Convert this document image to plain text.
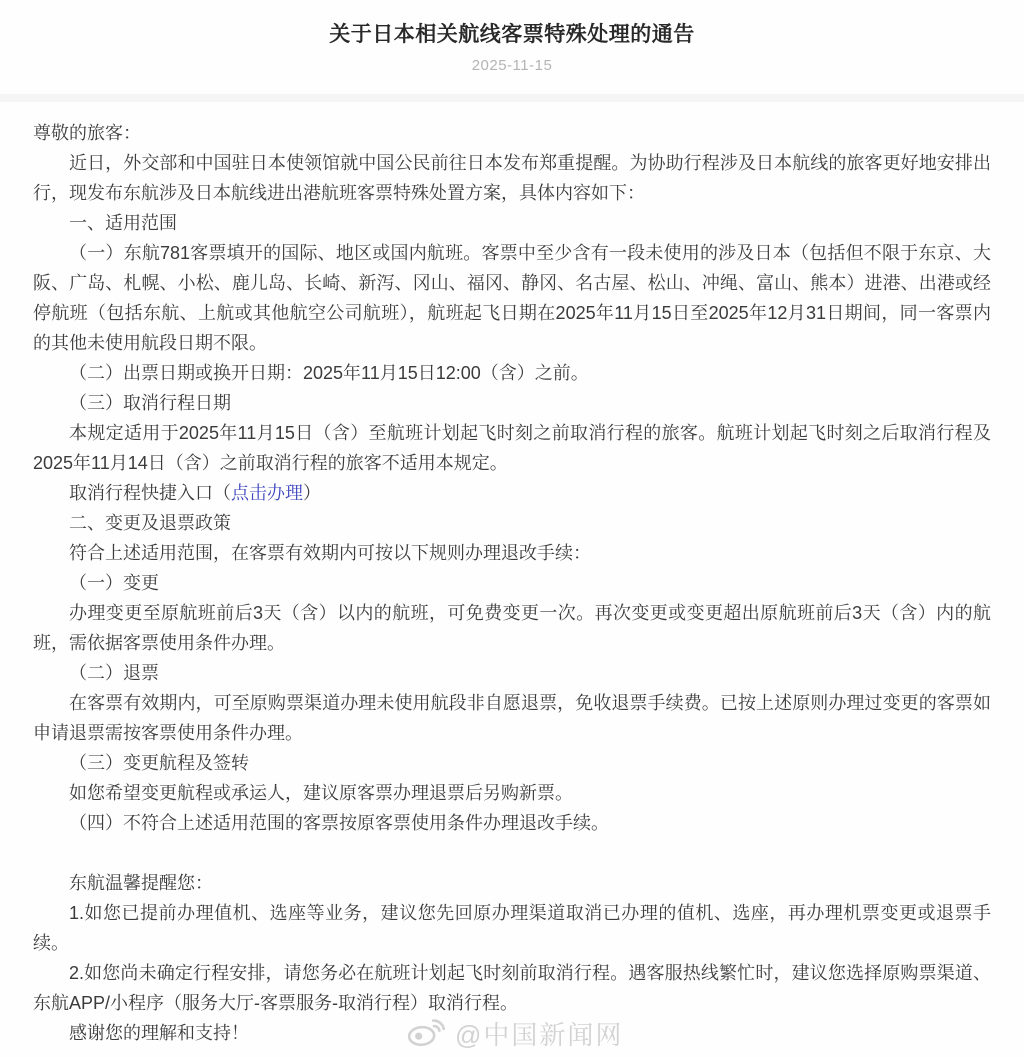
关于日本相关航线客票特殊处理的通告
2025-11-15

尊敬的旅客：

近日，外交部和中国驻日本使领馆就中国公民前往日本发布郑重提醒。为协助行程涉及日本航线的旅客更好地安排出行，现发布东航涉及日本航线进出港航班客票特殊处置方案，具体内容如下：

一、适用范围

（一）东航781客票填开的国际、地区或国内航班。客票中至少含有一段未使用的涉及日本（包括但不限于东京、大阪、广岛、札幌、小松、鹿儿岛、长崎、新泻、冈山、福冈、静冈、名古屋、松山、冲绳、富山、熊本）进港、出港或经停航班（包括东航、上航或其他航空公司航班），航班起飞日期在2025年11月15日至2025年12月31日期间，同一客票内的其他未使用航段日期不限。

（二）出票日期或换开日期：2025年11月15日12:00（含）之前。

（三）取消行程日期

本规定适用于2025年11月15日（含）至航班计划起飞时刻之前取消行程的旅客。航班计划起飞时刻之后取消行程及2025年11月14日（含）之前取消行程的旅客不适用本规定。

取消行程快捷入口（点击办理）

二、变更及退票政策

符合上述适用范围，在客票有效期内可按以下规则办理退改手续：

（一）变更

办理变更至原航班前后3天（含）以内的航班，可免费变更一次。再次变更或变更超出原航班前后3天（含）内的航班，需依据客票使用条件办理。

（二）退票

在客票有效期内，可至原购票渠道办理未使用航段非自愿退票，免收退票手续费。已按上述原则办理过变更的客票如申请退票需按客票使用条件办理。

（三）变更航程及签转

如您希望变更航程或承运人，建议原客票办理退票后另购新票。

（四）不符合上述适用范围的客票按原客票使用条件办理退改手续。

东航温馨提醒您：

1.如您已提前办理值机、选座等业务，建议您先回原办理渠道取消已办理的值机、选座，再办理机票变更或退票手续。

2.如您尚未确定行程安排，请您务必在航班计划起飞时刻前取消行程。遇客服热线繁忙时，建议您选择原购票渠道、东航APP/小程序（服务大厅-客票服务-取消行程）取消行程。

感谢您的理解和支持！	@中国新闻网
